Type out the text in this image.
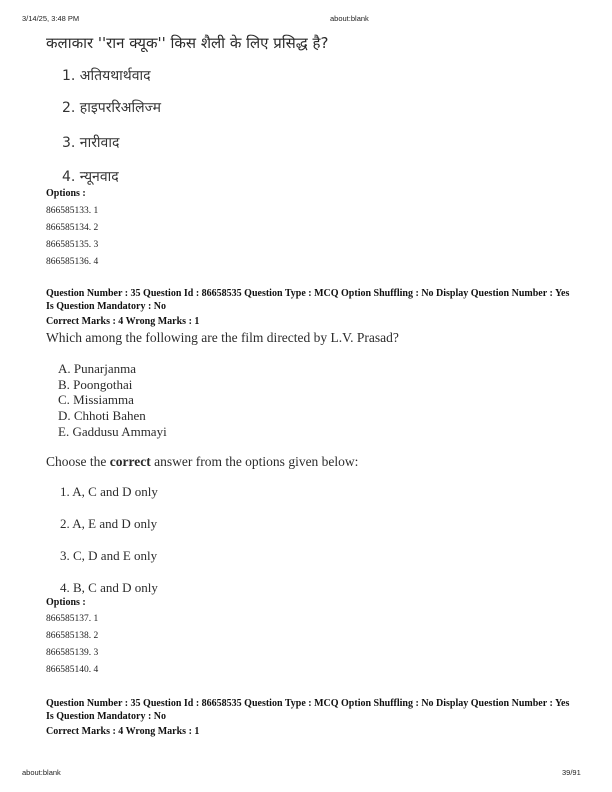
3/14/25, 3:48 PM	about:blank
कलाकार ''रान क्यूक'' किस शैली के लिए प्रसिद्ध है?
1. अतियथार्थवाद
2. हाइपररिअलिज्म
3. नारीवाद
4. न्यूनवाद
Options :
866585133. 1
866585134. 2
866585135. 3
866585136. 4
Question Number : 35 Question Id : 86658535 Question Type : MCQ Option Shuffling : No Display Question Number : Yes Is Question Mandatory : No
Correct Marks : 4 Wrong Marks : 1
Which among the following are the film directed by L.V. Prasad?
A. Punarjanma
B. Poongothai
C. Missiamma
D. Chhoti Bahen
E. Gaddusu Ammayi
Choose the correct answer from the options given below:
1. A, C and D only
2. A, E and D only
3. C, D and E only
4. B, C and D only
Options :
866585137. 1
866585138. 2
866585139. 3
866585140. 4
Question Number : 35 Question Id : 86658535 Question Type : MCQ Option Shuffling : No Display Question Number : Yes Is Question Mandatory : No
Correct Marks : 4 Wrong Marks : 1
about:blank	39/91
